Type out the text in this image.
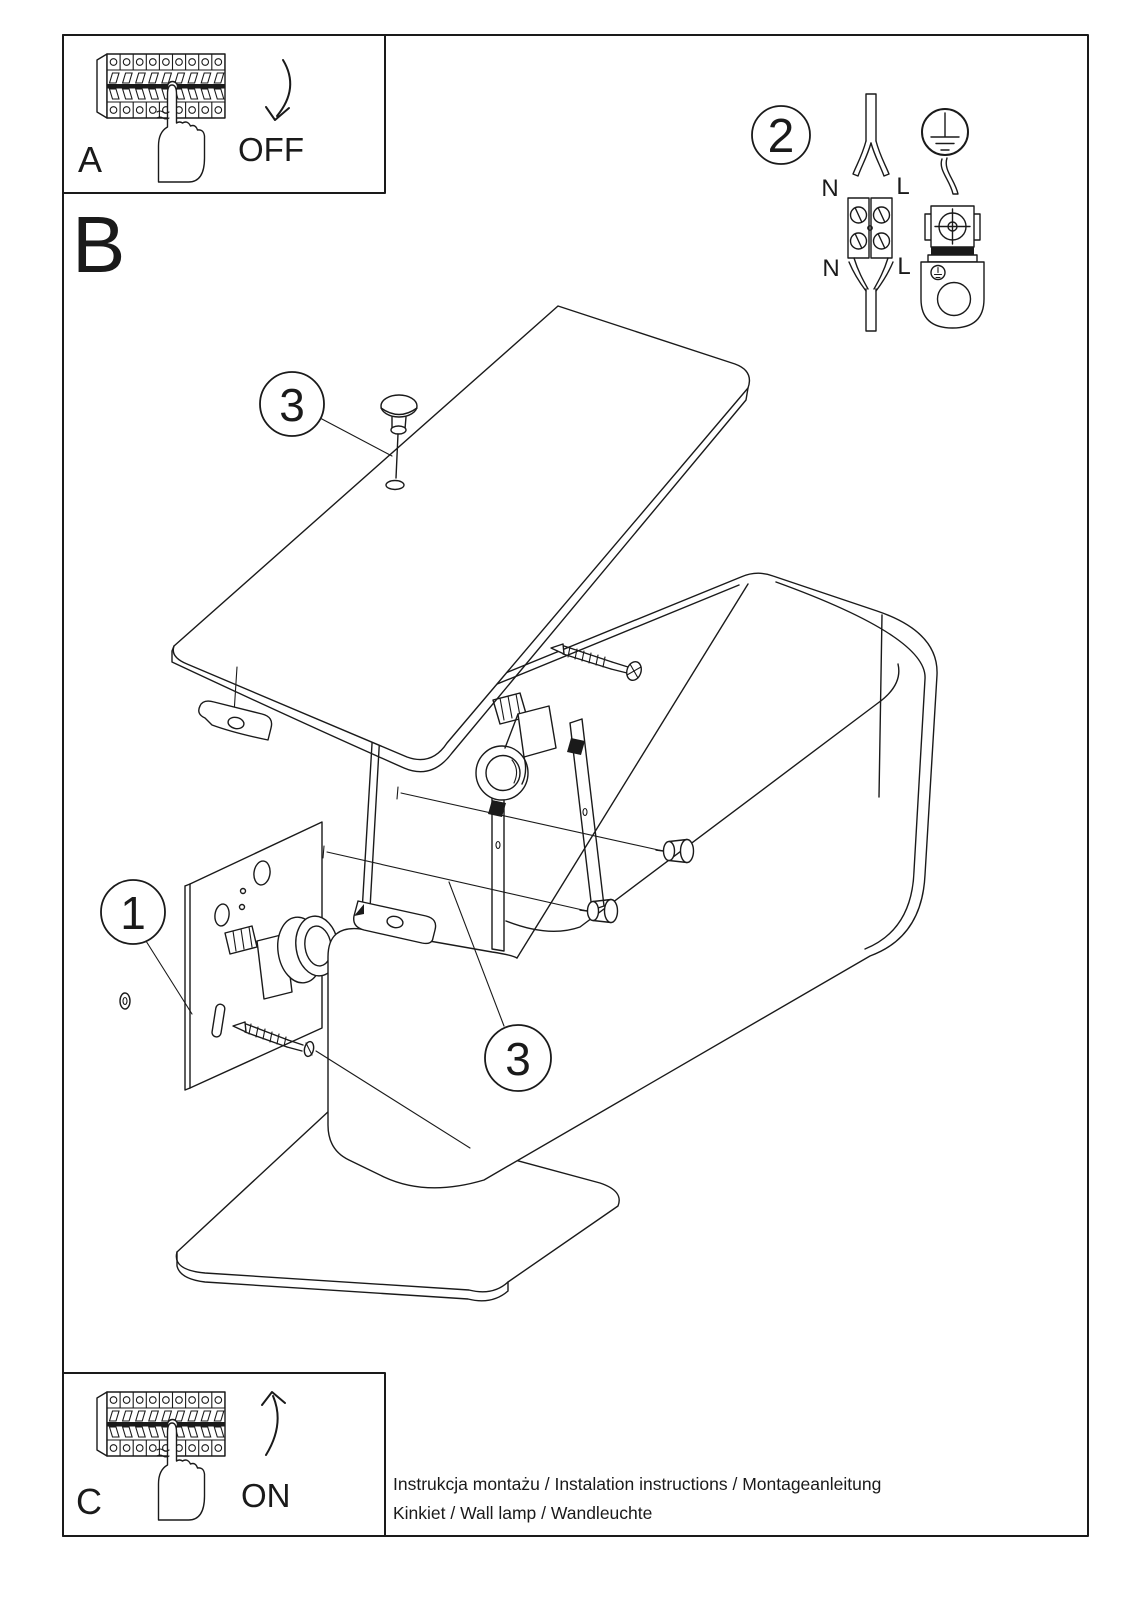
A	OFF
B
2
N L
N L
3
1
3
C	ON	Instrukcja montażu / Instalation instructions / Montageanleitung
Kinkiet / Wall lamp / Wandleuchte
